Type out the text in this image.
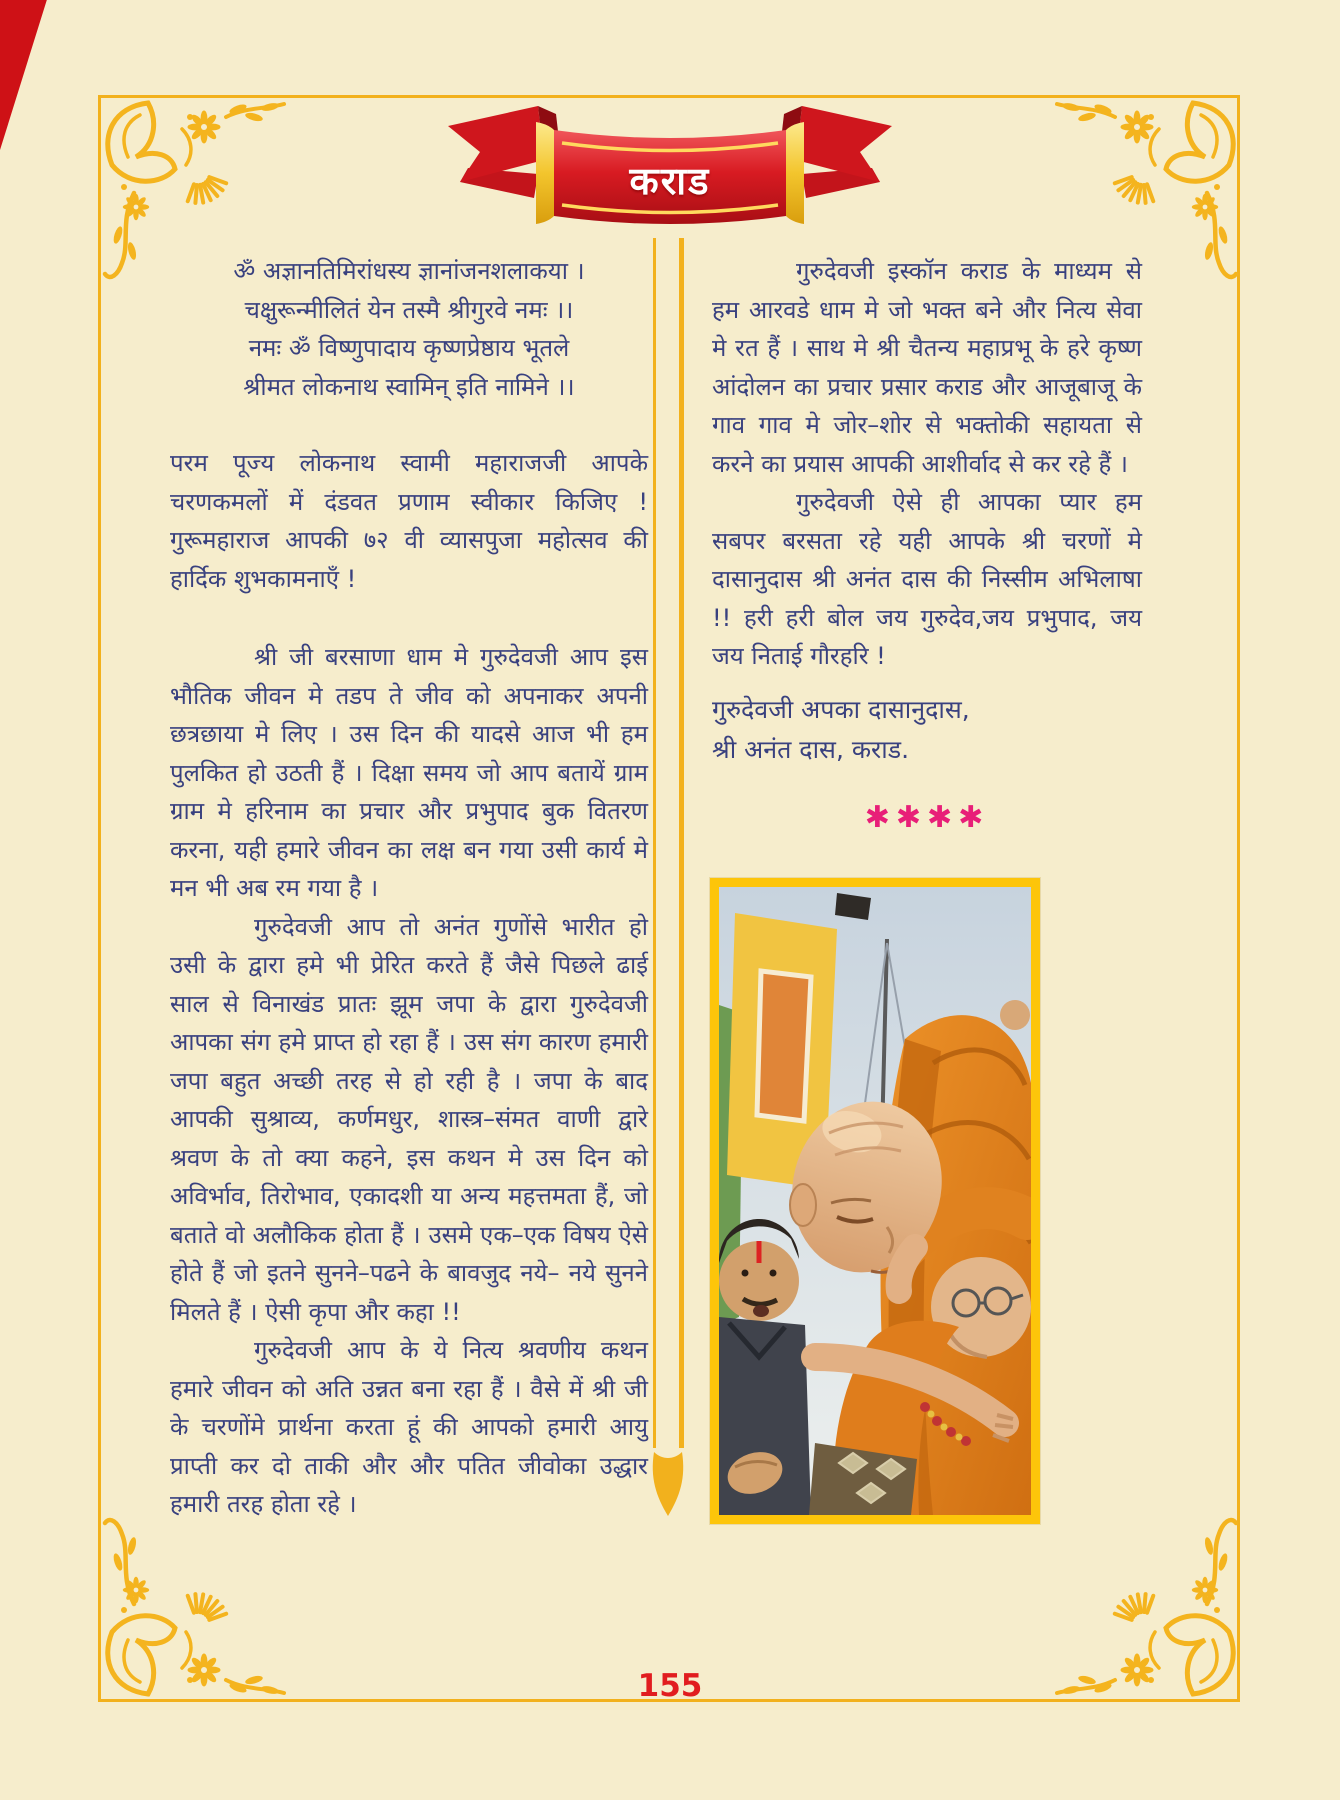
कराड
ॐ अज्ञानतिमिरांधस्य ज्ञानांजनशलाकया ।
चक्षुरून्मीलितं येन तस्मै श्रीगुरवे नमः ।।
नमः ॐ विष्णुपादाय कृष्णप्रेष्ठाय भूतले
श्रीमत लोकनाथ स्वामिन् इति नामिने ।।

परम पूज्य लोकनाथ स्वामी महाराजजी आपके चरणकमलों में दंडवत प्रणाम स्वीकार किजिए ! गुरूमहाराज आपकी ७२ वी व्यासपुजा महोत्सव की हार्दिक शुभकामनाएँ !

श्री जी बरसाणा धाम मे गुरुदेवजी आप इस भौतिक जीवन मे तडप ते जीव को अपनाकर अपनी छत्रछाया मे लिए । उस दिन की यादसे आज भी हम पुलकित हो उठती हैं । दिक्षा समय जो आप बतायें ग्राम ग्राम मे हरिनाम का प्रचार और प्रभुपाद बुक वितरण करना, यही हमारे जीवन का लक्ष बन गया उसी कार्य मे मन भी अब रम गया है ।

गुरुदेवजी आप तो अनंत गुणोंसे भारीत हो उसी के द्वारा हमे भी प्रेरित करते हैं जैसे पिछले ढाई साल से विनाखंड प्रातः झूम जपा के द्वारा गुरुदेवजी आपका संग हमे प्राप्त हो रहा हैं । उस संग कारण हमारी जपा बहुत अच्छी तरह से हो रही है । जपा के बाद आपकी सुश्राव्य, कर्णमधुर, शास्त्र–संमत वाणी द्वारे श्रवण के तो क्या कहने, इस कथन मे उस दिन को अविर्भाव, तिरोभाव, एकादशी या अन्य महत्तमता हैं, जो बताते वो अलौकिक होता हैं । उसमे एक–एक विषय ऐसे होते हैं जो इतने सुनने–पढने के बावजुद नये– नये सुनने मिलते हैं । ऐसी कृपा और कहा !!

गुरुदेवजी आप के ये नित्य श्रवणीय कथन हमारे जीवन को अति उन्नत बना रहा हैं । वैसे में श्री जी के चरणोंमे प्रार्थना करता हूं की आपको हमारी आयु प्राप्ती कर दो ताकी और और पतित जीवोका उद्धार हमारी तरह होता रहे ।

गुरुदेवजी इस्कॉन कराड के माध्यम से हम आरवडे धाम मे जो भक्त बने और नित्य सेवा मे रत हैं । साथ मे श्री चैतन्य महाप्रभू के हरे कृष्ण आंदोलन का प्रचार प्रसार कराड और आजूबाजू के गाव गाव मे जोर–शोर से भक्तोकी सहायता से करने का प्रयास आपकी आशीर्वाद से कर रहे हैं ।

गुरुदेवजी ऐसे ही आपका प्यार हम सबपर बरसता रहे यही आपके श्री चरणों मे दासानुदास श्री अनंत दास की निस्सीम अभिलाषा !! हरी हरी बोल जय गुरुदेव,जय प्रभुपाद, जय जय निताई गौरहरि !

गुरुदेवजी अपका दासानुदास,
श्री अनंत दास, कराड.
✱✱✱✱
155
